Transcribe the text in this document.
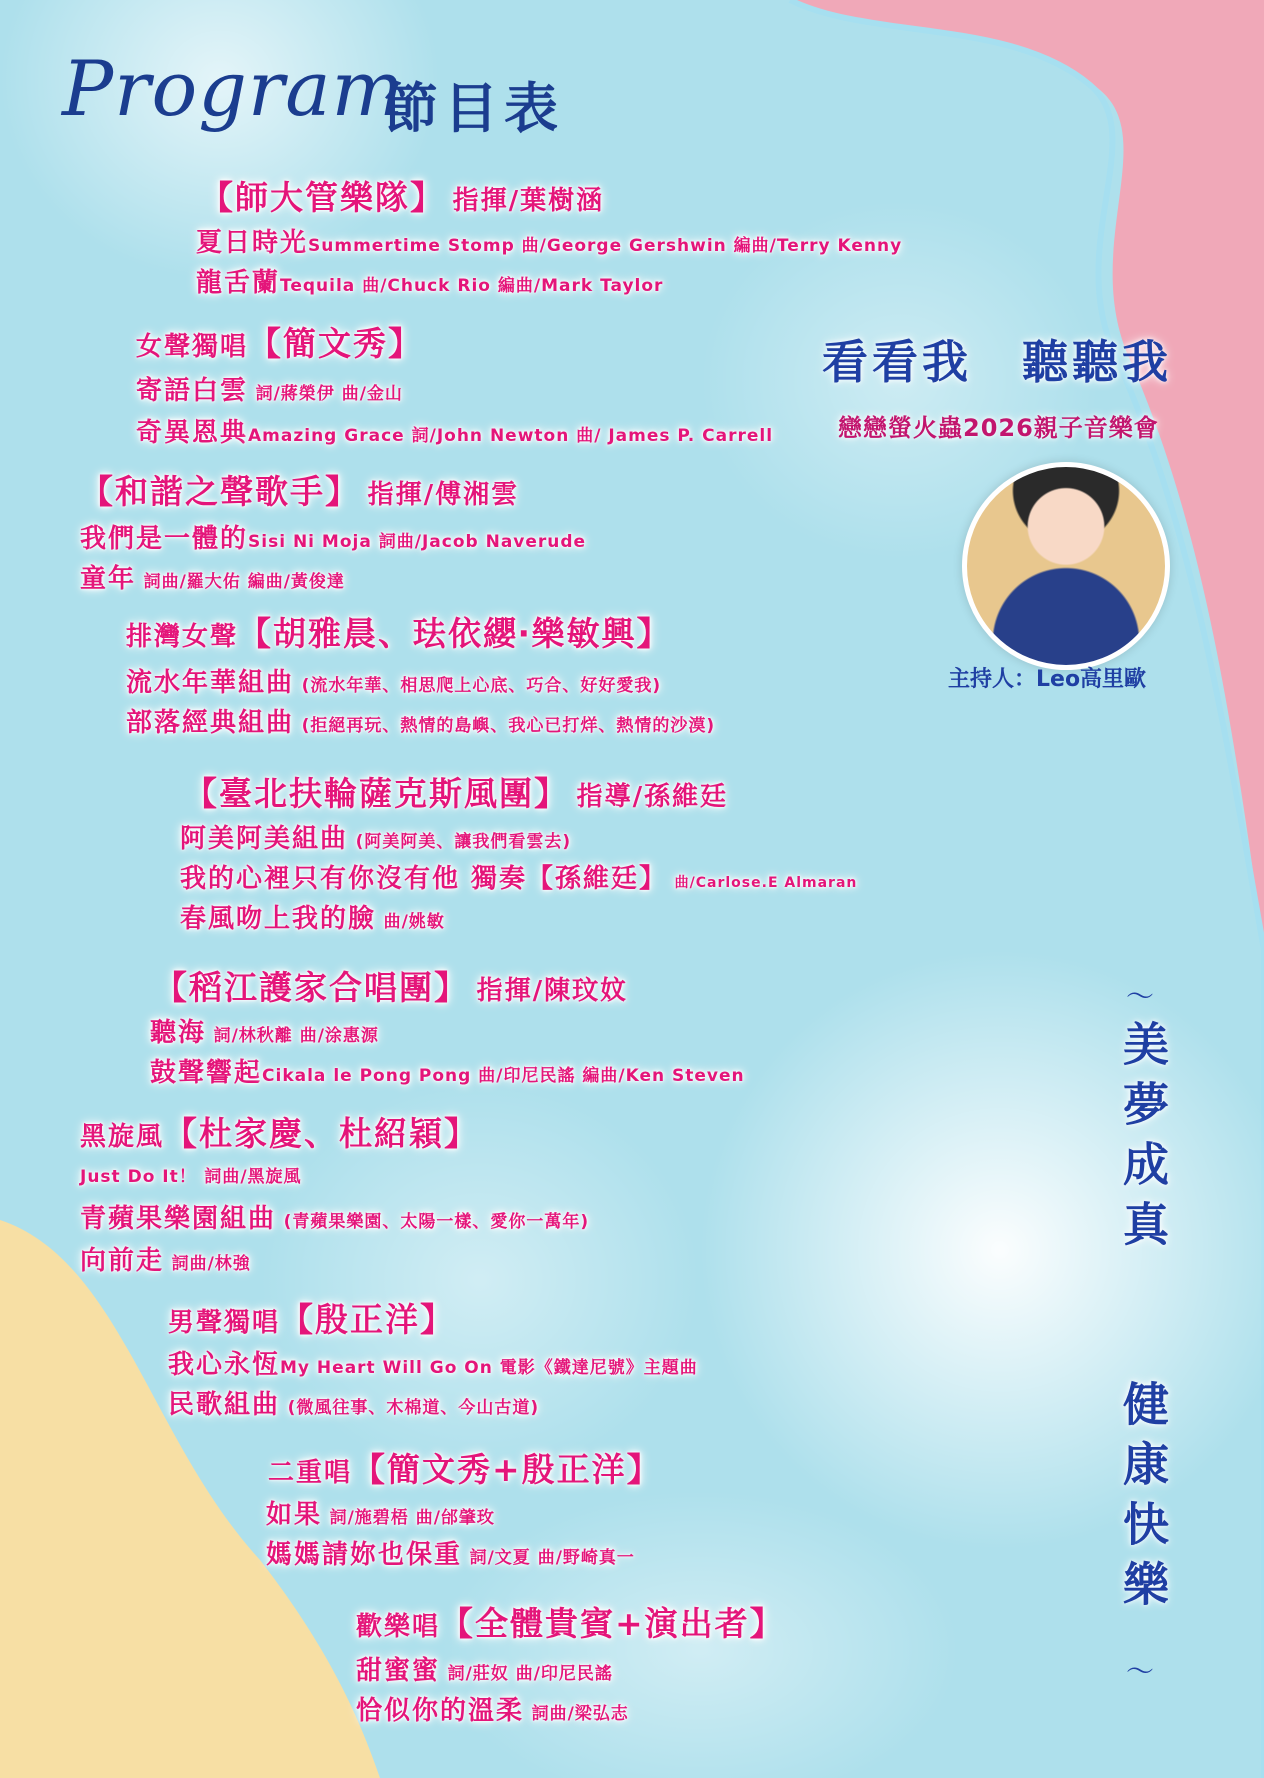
Program
節目表
看看我　聽聽我
戀戀螢火蟲2026親子音樂會
主持人：Leo高里歐
～
美夢成真
健康快樂
～
【師大管樂隊】 指揮/葉樹涵
夏日時光Summertime Stomp 曲/George Gershwin 編曲/Terry Kenny
龍舌蘭Tequila 曲/Chuck Rio 編曲/Mark Taylor
女聲獨唱【簡文秀】
寄語白雲 詞/蔣榮伊 曲/金山
奇異恩典Amazing Grace 詞/John Newton 曲/ James P. Carrell
【和諧之聲歌手】 指揮/傅湘雲
我們是一體的Sisi Ni Moja 詞曲/Jacob Naverude
童年 詞曲/羅大佑 編曲/黃俊達
排灣女聲【胡雅晨、珐依纓‧樂敏興】
流水年華組曲 (流水年華、相思爬上心底、巧合、好好愛我)
部落經典組曲 (拒絕再玩、熱情的島嶼、我心已打烊、熱情的沙漠)
【臺北扶輪薩克斯風團】 指導/孫維廷
阿美阿美組曲 (阿美阿美、讓我們看雲去)
我的心裡只有你沒有他 獨奏【孫維廷】 曲/Carlose.E Almaran
春風吻上我的臉 曲/姚敏
【稻江護家合唱團】 指揮/陳玟妏
聽海 詞/林秋離 曲/涂惠源
鼓聲響起Cikala le Pong Pong 曲/印尼民謠 編曲/Ken Steven
黑旋風【杜家慶、杜紹穎】
Just Do It！ 詞曲/黑旋風
青蘋果樂園組曲 (青蘋果樂園、太陽一樣、愛你一萬年)
向前走 詞曲/林強
男聲獨唱【殷正洋】
我心永恆My Heart Will Go On 電影《鐵達尼號》主題曲
民歌組曲 (微風往事、木棉道、今山古道)
二重唱【簡文秀+殷正洋】
如果 詞/施碧梧 曲/邰肇玫
媽媽請妳也保重 詞/文夏 曲/野崎真一
歡樂唱【全體貴賓+演出者】
甜蜜蜜 詞/莊奴 曲/印尼民謠
恰似你的溫柔 詞曲/梁弘志
